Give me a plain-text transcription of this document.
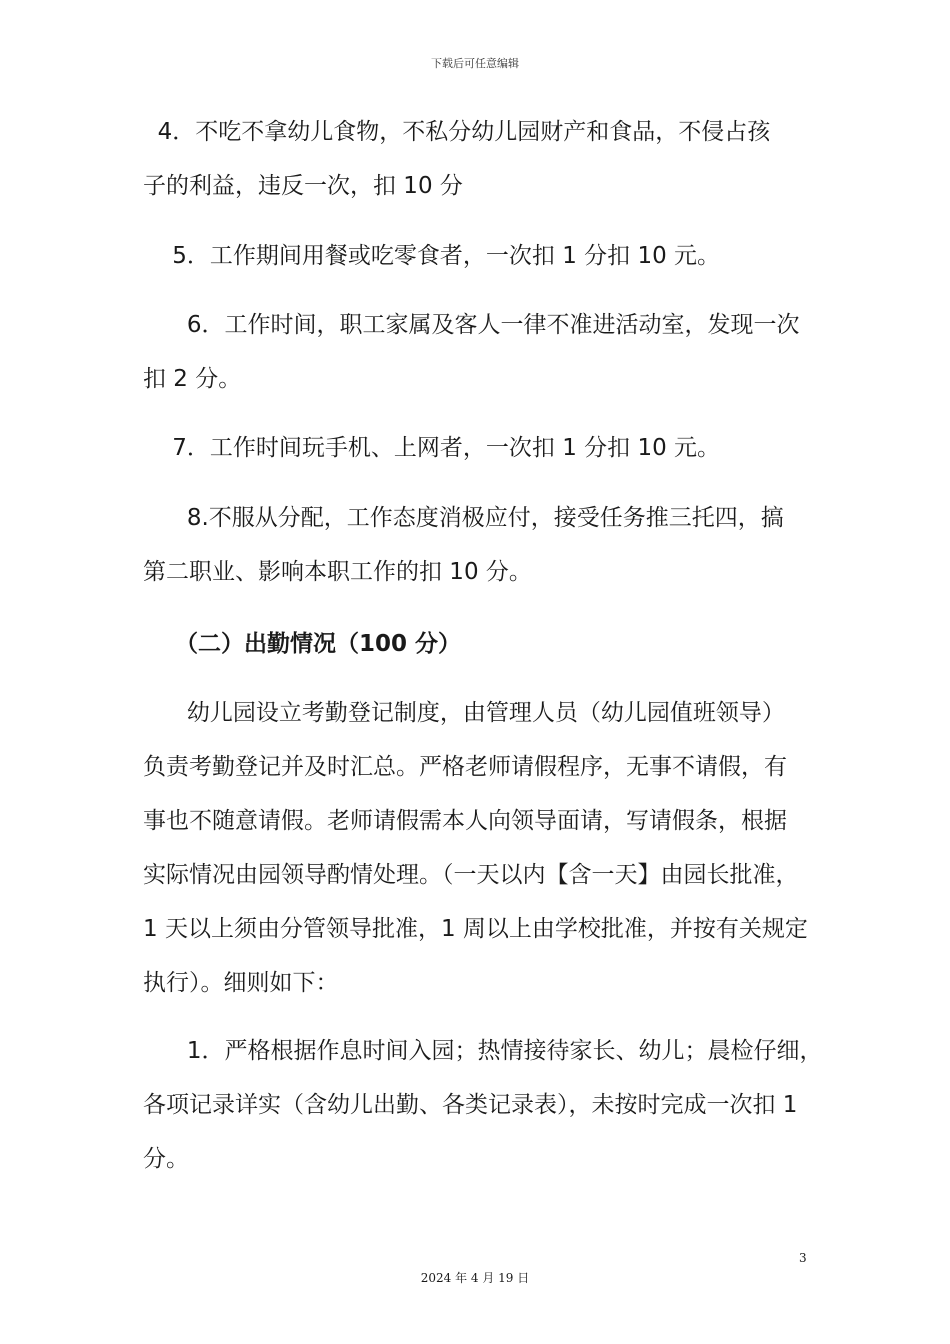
下载后可任意编辑

4．不吃不拿幼儿食物，不私分幼儿园财产和食品，不侵占孩
子的利益，违反一次，扣 10 分

5．工作期间用餐或吃零食者，一次扣 1 分扣 10 元。

6．工作时间，职工家属及客人一律不准进活动室，发现一次
扣 2 分。

7．工作时间玩手机、上网者，一次扣 1 分扣 10 元。

8.不服从分配，工作态度消极应付，接受任务推三托四，搞
第二职业、影响本职工作的扣 10 分。

（二）出勤情况（100 分）

幼儿园设立考勤登记制度，由管理人员（幼儿园值班领导）
负责考勤登记并及时汇总。严格老师请假程序，无事不请假，有
事也不随意请假。老师请假需本人向领导面请，写请假条，根据
实际情况由园领导酌情处理。（一天以内【含一天】由园长批准，
1 天以上须由分管领导批准，1 周以上由学校批准，并按有关规定
执行）。细则如下：

1．严格根据作息时间入园；热情接待家长、幼儿；晨检仔细，
各项记录详实（含幼儿出勤、各类记录表），未按时完成一次扣 1
分。

3
2024 年 4 月 19 日
